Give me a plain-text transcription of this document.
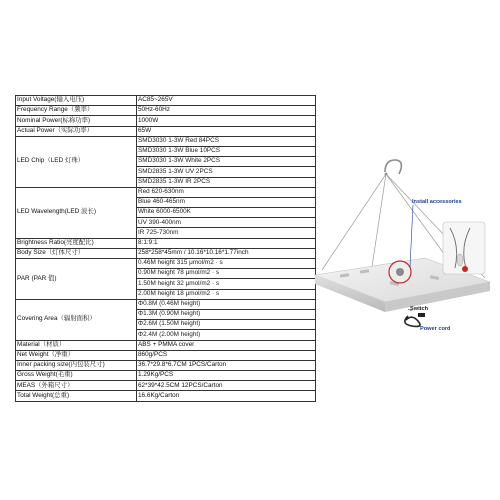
Input Voltage(输入电压)	AC85~265V
Frequency Range（频率）	50Hz-60Hz
Nominal Power(标称功率)	1000W
Actual Power（实际功率）	65W
LED Chip（LED 灯珠）	SMD3030 1-3W Red 84PCS
	SMD3030 1-3W Blue 10PCS
	SMD3030 1-3W White 2PCS
	SMD2835 1-3W UV 2PCS
	SMD2835 1-3W IR 2PCS
LED Wavelength(LED 波长)	Red 620-630nm
	Blue 460-465nm
	White 6000-6500K
	UV 390-400nm
	IR 725-730nm
Brightness Ratio(亮度配比)	8:1:9:1
Body Size（灯体尺寸）	258*258*45mm / 10.16*10.16*1.77inch
PAR (PAR 值)	0.46M height 315 μmol/m2 · s
	0.90M height 78 μmol/m2 · s
	1.50M height 32 μmol/m2 · s
	2.00M height 18 μmol/m2 · s
Covering Area（辐射面积）	Φ0.8M (0.46M height)
	Φ1.3M (0.90M height)
	Φ2.6M (1.50M height)
	Φ2.4M (2.00M height)
Material（材质）	ABS + PMMA cover
Net Weight（净重）	860g/PCS
Inner packing size(内包装尺寸)	36.7*29.8*6.7CM 1PCS/Carton
Gross Weight(毛重)	1.29Kg/PCS
MEAS（外箱尺寸）	62*39*42.5CM 12PCS/Carton
Total Weight(总重)	16.6Kg/Carton
Install accessories
Switch
Power cord
